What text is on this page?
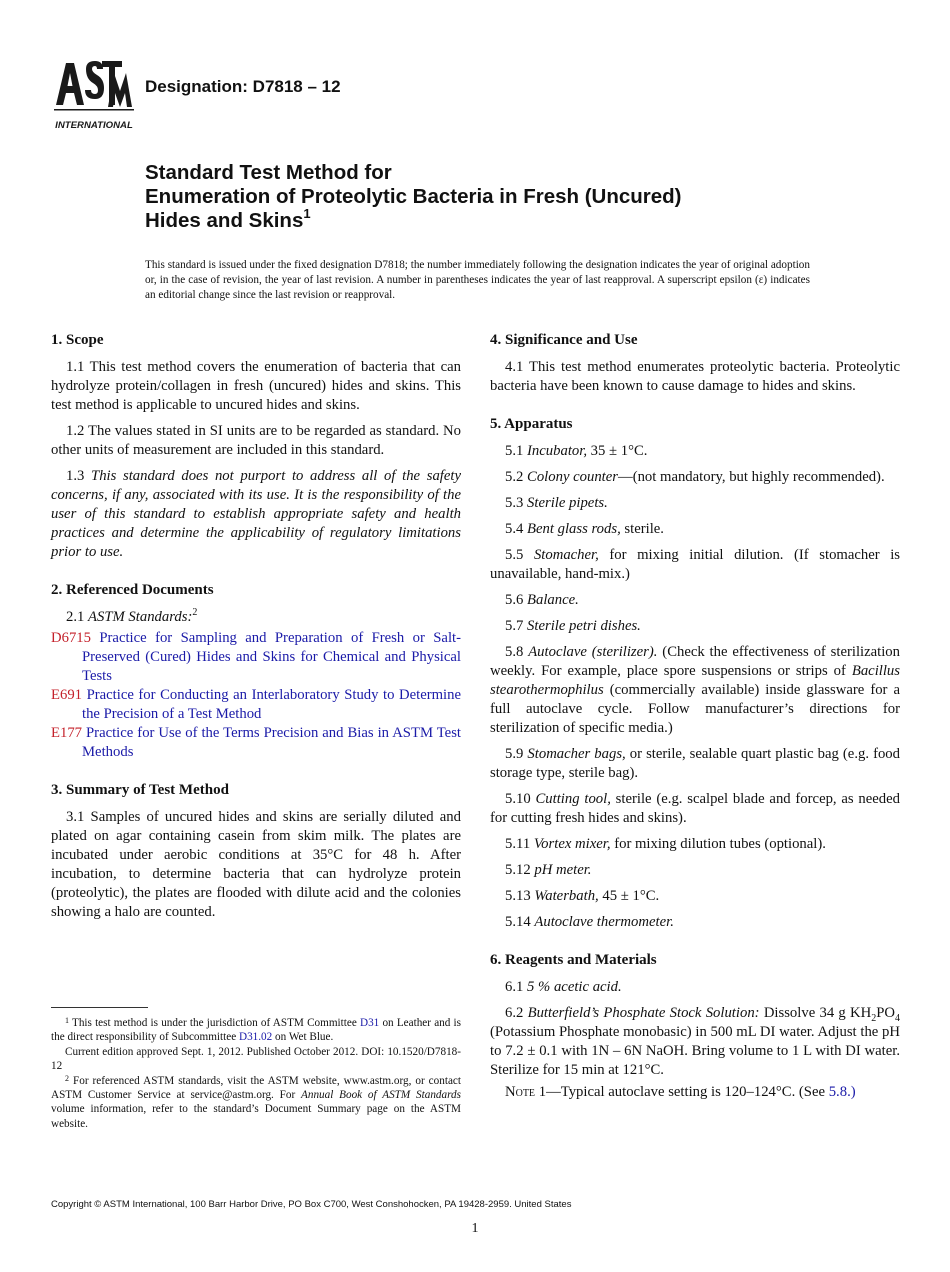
INTERNATIONAL
Designation: D7818 – 12
Standard Test Method for
Enumeration of Proteolytic Bacteria in Fresh (Uncured)
Hides and Skins$^1$
This standard is issued under the fixed designation D7818; the number immediately following the designation indicates the year of original adoption or, in the case of revision, the year of last revision. A number in parentheses indicates the year of last reapproval. A superscript epsilon (ε) indicates an editorial change since the last revision or reapproval.
1. Scope

1.1 This test method covers the enumeration of bacteria that can hydrolyze protein/collagen in fresh (uncured) hides and skins. This test method is applicable to uncured hides and skins.

1.2 The values stated in SI units are to be regarded as standard. No other units of measurement are included in this standard.

1.3 This standard does not purport to address all of the safety concerns, if any, associated with its use. It is the responsibility of the user of this standard to establish appropriate safety and health practices and determine the applicability of regulatory limitations prior to use.

2. Referenced Documents

2.1 ASTM Standards:$^2$

D6715 Practice for Sampling and Preparation of Fresh or Salt-Preserved (Cured) Hides and Skins for Chemical and Physical Tests
E691 Practice for Conducting an Interlaboratory Study to Determine the Precision of a Test Method
E177 Practice for Use of the Terms Precision and Bias in ASTM Test Methods
3. Summary of Test Method

3.1 Samples of uncured hides and skins are serially diluted and plated on agar containing casein from skim milk. The plates are incubated under aerobic conditions at 35°C for 48 h. After incubation, to determine bacteria that can hydrolyze protein (proteolytic), the plates are flooded with dilute acid and the colonies showing a halo are counted.

4. Significance and Use

4.1 This test method enumerates proteolytic bacteria. Proteolytic bacteria have been known to cause damage to hides and skins.

5. Apparatus

5.1 Incubator, 35 ± 1°C.

5.2 Colony counter—(not mandatory, but highly recommended).

5.3 Sterile pipets.

5.4 Bent glass rods, sterile.

5.5 Stomacher, for mixing initial dilution. (If stomacher is unavailable, hand-mix.)

5.6 Balance.

5.7 Sterile petri dishes.

5.8 Autoclave (sterilizer). (Check the effectiveness of sterilization weekly. For example, place spore suspensions or strips of Bacillus stearothermophilus (commercially available) inside glassware for a full autoclave cycle. Follow manufacturer’s directions for sterilization of specific media.)

5.9 Stomacher bags, or sterile, sealable quart plastic bag (e.g. food storage type, sterile bag).

5.10 Cutting tool, sterile (e.g. scalpel blade and forcep, as needed for cutting fresh hides and skins).

5.11 Vortex mixer, for mixing dilution tubes (optional).

5.12 pH meter.

5.13 Waterbath, 45 ± 1°C.

5.14 Autoclave thermometer.

6. Reagents and Materials

6.1 5 % acetic acid.

6.2 Butterfield’s Phosphate Stock Solution: Dissolve 34 g $KH_2PO_4$ (Potassium Phosphate monobasic) in 500 mL DI water. Adjust the pH to 7.2 ± 0.1 with 1N – 6N NaOH. Bring volume to 1 L with DI water. Sterilize for 15 min at 121°C.

Note 1—Typical autoclave setting is 120–124°C. (See 5.8.)

$^1$ This test method is under the jurisdiction of ASTM Committee D31 on Leather and is the direct responsibility of Subcommittee D31.02 on Wet Blue.

Current edition approved Sept. 1, 2012. Published October 2012. DOI: 10.1520/D7818-12

$^2$ For referenced ASTM standards, visit the ASTM website, www.astm.org, or contact ASTM Customer Service at service@astm.org. For Annual Book of ASTM Standards volume information, refer to the standard’s Document Summary page on the ASTM website.

Copyright © ASTM International, 100 Barr Harbor Drive, PO Box C700, West Conshohocken, PA 19428-2959. United States
1
